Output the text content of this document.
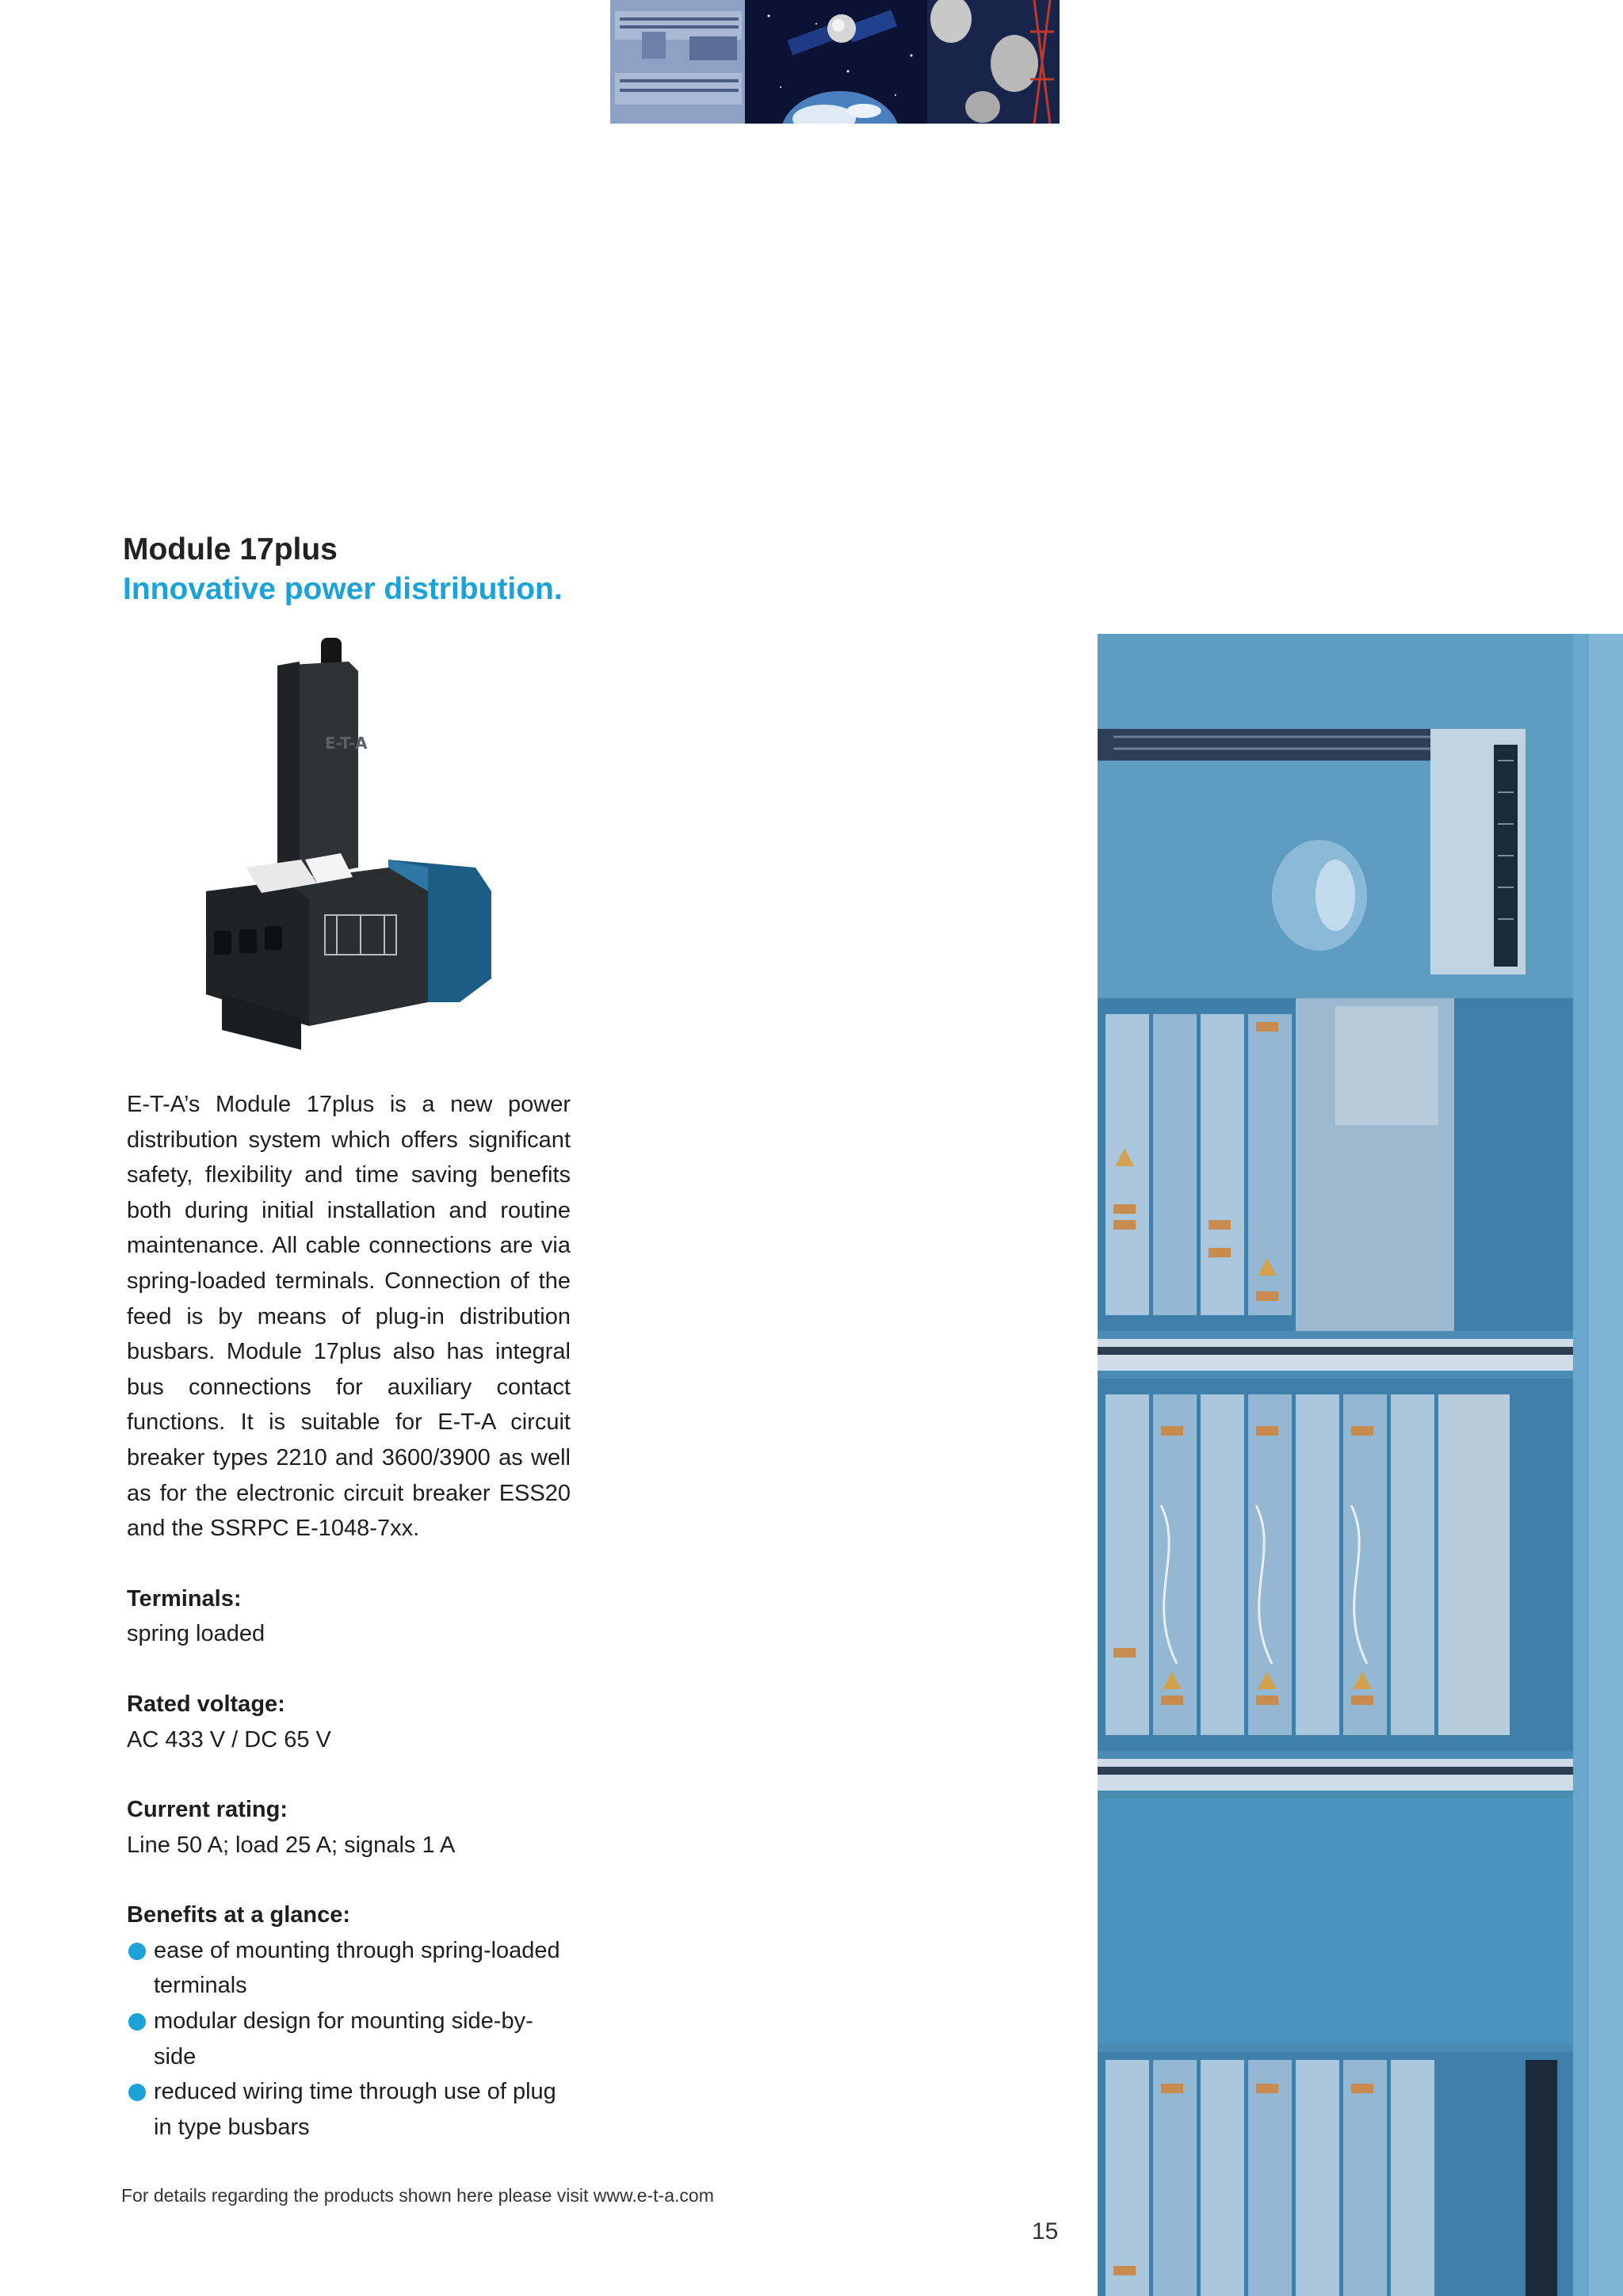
Module 17plus
Innovative power distribution.
E-T-A

E-T-A’s Module 17plus is a new power distribution system which offers significant safety, flexibility and time saving benefits both during initial installation and routine maintenance. All cable connections are via spring-loaded terminals. Connection of the feed is by means of plug-in distribution busbars. Module 17plus also has integral bus connections for auxiliary contact functions. It is suitable for E-T-A circuit breaker types 2210 and 3600/3900 as well as for the electronic circuit breaker ESS20 and the SSRPC E-1048-7xx.

Terminals:
spring loaded
Rated voltage:
AC 433 V / DC 65 V
Current rating:
Line 50 A; load 25 A; signals 1 A
Benefits at a glance:
ease of mounting through spring-loaded terminals
modular design for mounting side-by-side
reduced wiring time through use of plug in type busbars
For details regarding the products shown here please visit www.e-t-a.com
15
